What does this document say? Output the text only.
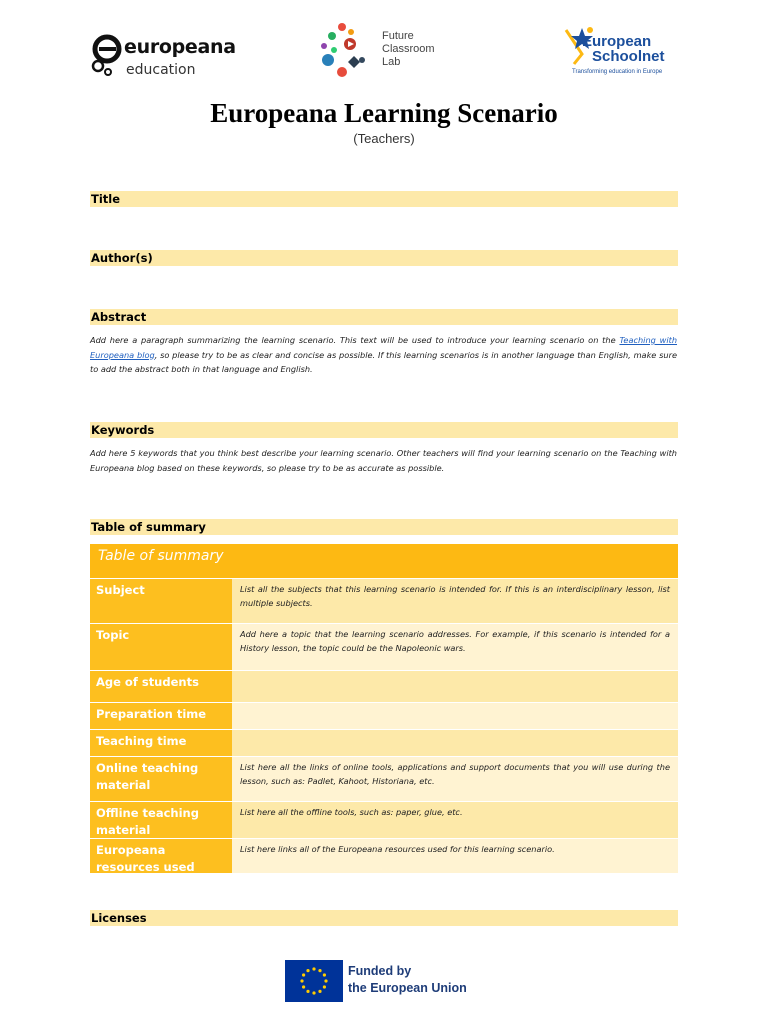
europeana
education
Future
Classroom
Lab
European
Schoolnet
Transforming education in Europe
Europeana Learning Scenario
(Teachers)
Title
Author(s)
Abstract

Add here a paragraph summarizing the learning scenario. This text will be used to introduce your learning scenario on the Teaching with Europeana blog, so please try to be as clear and concise as possible. If this learning scenarios is in another language than English, make sure to add the abstract both in that language and English.

Keywords

Add here 5 keywords that you think best describe your learning scenario. Other teachers will find your learning scenario on the Teaching with Europeana blog based on these keywords, so please try to be as accurate as possible.

Table of summary
Table of summary
Subject	List all the subjects that this learning scenario is intended for. If this is an interdisciplinary lesson, list multiple subjects.
Topic	Add here a topic that the learning scenario addresses. For example, if this scenario is intended for a History lesson, the topic could be the Napoleonic wars.
Age of students
Preparation time
Teaching time
Online teaching material
List here all the links of online tools, applications and support documents that you will use during the lesson, such as: Padlet, Kahoot, Historiana, etc.
Offline teaching material
List here all the offline tools, such as: paper, glue, etc.
Europeana resources used
List here links all of the Europeana resources used for this learning scenario.
Licenses
Funded by
the European Union
